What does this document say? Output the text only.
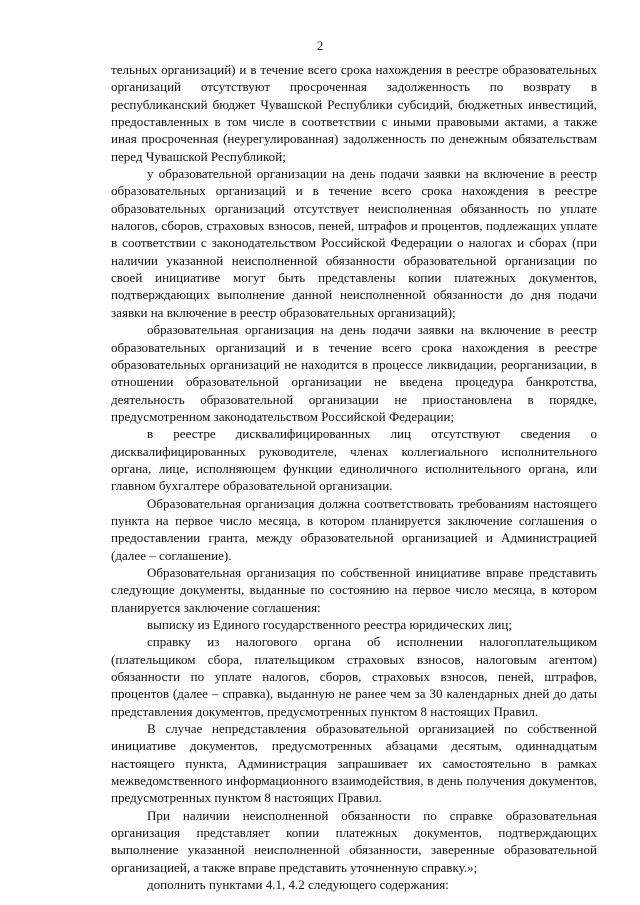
2

тельных организаций) и в течение всего срока нахождения в реестре образовательных организаций отсутствуют просроченная задолженность по возврату в республиканский бюджет Чувашской Республики субсидий, бюджетных инвестиций, предоставленных в том числе в соответствии с иными правовыми актами, а также иная просроченная (неурегулированная) задолженность по денежным обязательствам перед Чувашской Республикой;

у образовательной организации на день подачи заявки на включение в реестр образовательных организаций и в течение всего срока нахождения в реестре образовательных организаций отсутствует неисполненная обязанность по уплате налогов, сборов, страховых взносов, пеней, штрафов и процентов, подлежащих уплате в соответствии с законодательством Российской Федерации о налогах и сборах (при наличии указанной неисполненной обязанности образовательной организации по своей инициативе могут быть представлены копии платежных документов, подтверждающих выполнение данной неисполненной обязанности до дня подачи заявки на включение в реестр образовательных организаций);

образовательная организация на день подачи заявки на включение в реестр образовательных организаций и в течение всего срока нахождения в реестре образовательных организаций не находится в процессе ликвидации, реорганизации, в отношении образовательной организации не введена процедура банкротства, деятельность образовательной организации не приостановлена в порядке, предусмотренном законодательством Российской Федерации;

в реестре дисквалифицированных лиц отсутствуют сведения о дисквалифицированных руководителе, членах коллегиального исполнительного органа, лице, исполняющем функции единоличного исполнительного органа, или главном бухгалтере образовательной организации.

Образовательная организация должна соответствовать требованиям настоящего пункта на первое число месяца, в котором планируется заключение соглашения о предоставлении гранта, между образовательной организацией и Администрацией (далее – соглашение).

Образовательная организация по собственной инициативе вправе представить следующие документы, выданные по состоянию на первое число месяца, в котором планируется заключение соглашения:

выписку из Единого государственного реестра юридических лиц;

справку из налогового органа об исполнении налогоплательщиком (плательщиком сбора, плательщиком страховых взносов, налоговым агентом) обязанности по уплате налогов, сборов, страховых взносов, пеней, штрафов, процентов (далее – справка), выданную не ранее чем за 30 календарных дней до даты представления документов, предусмотренных пунктом 8 настоящих Правил.

В случае непредставления образовательной организацией по собственной инициативе документов, предусмотренных абзацами десятым, одиннадцатым настоящего пункта, Администрация запрашивает их самостоятельно в рамках межведомственного информационного взаимодействия, в день получения документов, предусмотренных пунктом 8 настоящих Правил.

При наличии неисполненной обязанности по справке образовательная организация представляет копии платежных документов, подтверждающих выполнение указанной неисполненной обязанности, заверенные образовательной организацией, а также вправе представить уточненную справку.»;

дополнить пунктами 4.1, 4.2 следующего содержания:
